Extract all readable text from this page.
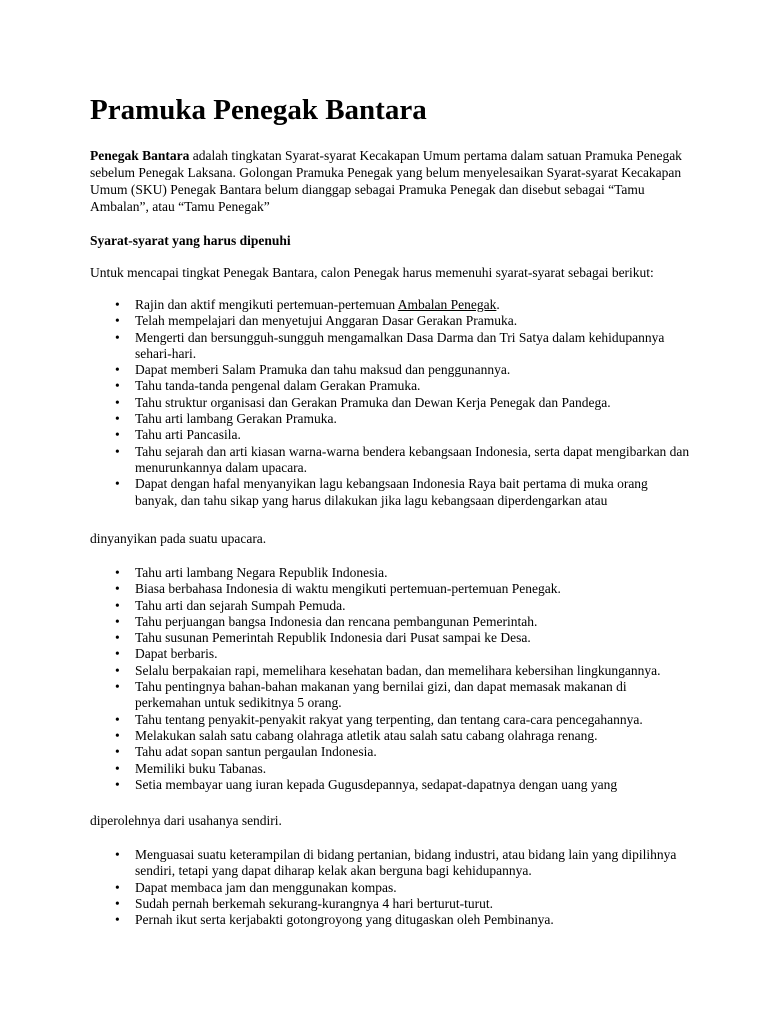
Pramuka Penegak Bantara

Penegak Bantara adalah tingkatan Syarat-syarat Kecakapan Umum pertama dalam satuan Pramuka Penegak sebelum Penegak Laksana. Golongan Pramuka Penegak yang belum menyelesaikan Syarat-syarat Kecakapan Umum (SKU) Penegak Bantara belum dianggap sebagai Pramuka Penegak dan disebut sebagai “Tamu Ambalan”, atau “Tamu Penegak”

Syarat-syarat yang harus dipenuhi
Untuk mencapai tingkat Penegak Bantara, calon Penegak harus memenuhi syarat-syarat sebagai berikut:
• Rajin dan aktif mengikuti pertemuan-pertemuan Ambalan Penegak.
• Telah mempelajari dan menyetujui Anggaran Dasar Gerakan Pramuka.
• Mengerti dan bersungguh-sungguh mengamalkan Dasa Darma dan Tri Satya dalam kehidupannya sehari-hari.
• Dapat memberi Salam Pramuka dan tahu maksud dan penggunannya.
• Tahu tanda-tanda pengenal dalam Gerakan Pramuka.
• Tahu struktur organisasi dan Gerakan Pramuka dan Dewan Kerja Penegak dan Pandega.
• Tahu arti lambang Gerakan Pramuka.
• Tahu arti Pancasila.
• Tahu sejarah dan arti kiasan warna-warna bendera kebangsaan Indonesia, serta dapat mengibarkan dan menurunkannya dalam upacara.
• Dapat dengan hafal menyanyikan lagu kebangsaan Indonesia Raya bait pertama di muka orang banyak, dan tahu sikap yang harus dilakukan jika lagu kebangsaan diperdengarkan atau
dinyanyikan pada suatu upacara.
• Tahu arti lambang Negara Republik Indonesia.
• Biasa berbahasa Indonesia di waktu mengikuti pertemuan-pertemuan Penegak.
• Tahu arti dan sejarah Sumpah Pemuda.
• Tahu perjuangan bangsa Indonesia dan rencana pembangunan Pemerintah.
• Tahu susunan Pemerintah Republik Indonesia dari Pusat sampai ke Desa.
• Dapat berbaris.
• Selalu berpakaian rapi, memelihara kesehatan badan, dan memelihara kebersihan lingkungannya.
• Tahu pentingnya bahan-bahan makanan yang bernilai gizi, dan dapat memasak makanan di perkemahan untuk sedikitnya 5 orang.
• Tahu tentang penyakit-penyakit rakyat yang terpenting, dan tentang cara-cara pencegahannya.
• Melakukan salah satu cabang olahraga atletik atau salah satu cabang olahraga renang.
• Tahu adat sopan santun pergaulan Indonesia.
• Memiliki buku Tabanas.
• Setia membayar uang iuran kepada Gugusdepannya, sedapat-dapatnya dengan uang yang
diperolehnya dari usahanya sendiri.
• Menguasai suatu keterampilan di bidang pertanian, bidang industri, atau bidang lain yang dipilihnya sendiri, tetapi yang dapat diharap kelak akan berguna bagi kehidupannya.
• Dapat membaca jam dan menggunakan kompas.
• Sudah pernah berkemah sekurang-kurangnya 4 hari berturut-turut.
• Pernah ikut serta kerjabakti gotongroyong yang ditugaskan oleh Pembinanya.
